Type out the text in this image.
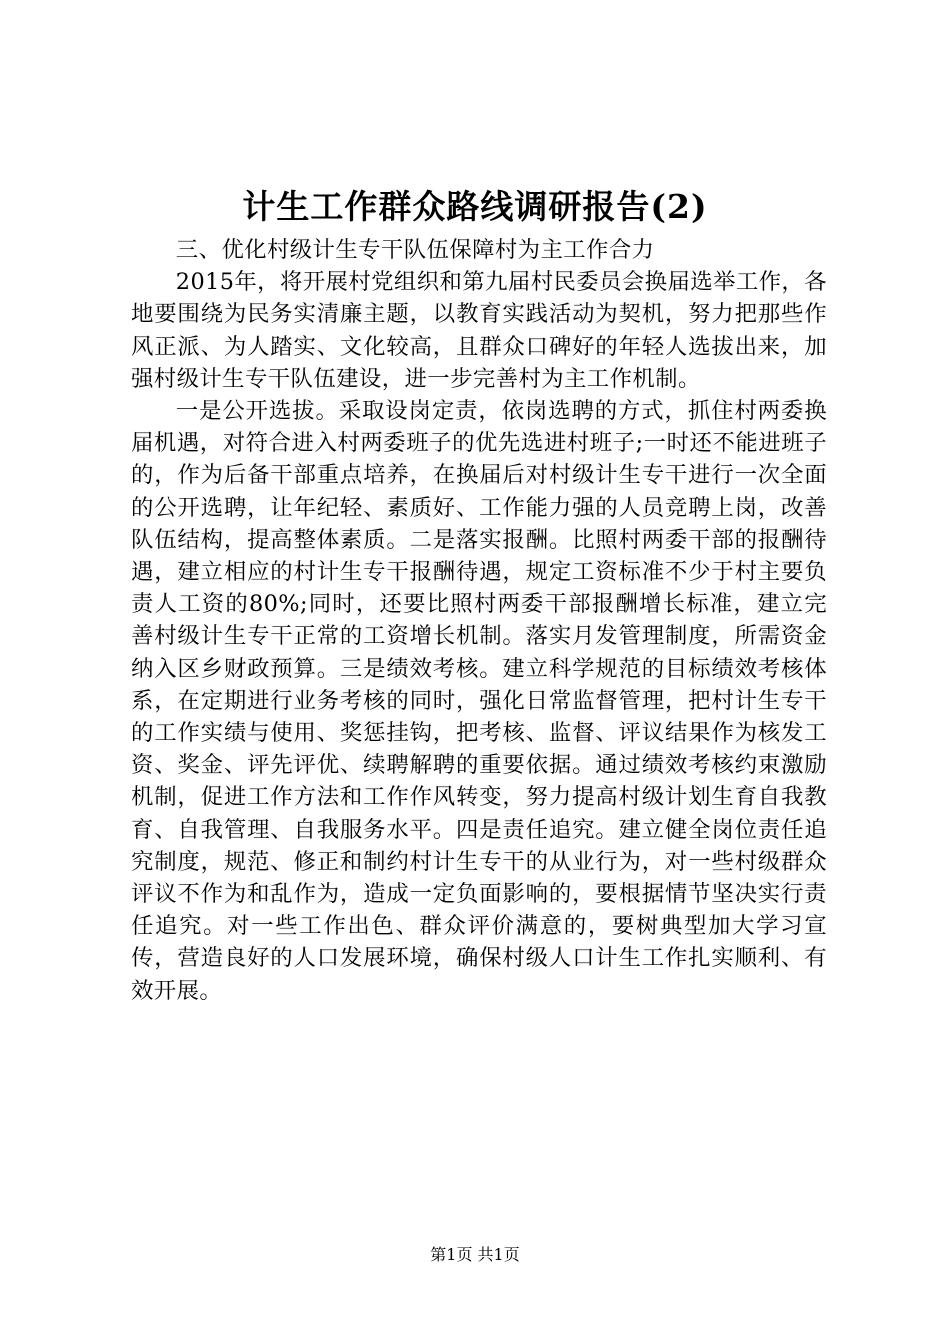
计生工作群众路线调研报告(2)

三、优化村级计生专干队伍保障村为主工作合力

2015年，将开展村党组织和第九届村民委员会换届选举工作，各地要围绕为民务实清廉主题，以教育实践活动为契机，努力把那些作风正派、为人踏实、文化较高，且群众口碑好的年轻人选拔出来，加强村级计生专干队伍建设，进一步完善村为主工作机制。

一是公开选拔。采取设岗定责，依岗选聘的方式，抓住村两委换届机遇，对符合进入村两委班子的优先选进村班子;一时还不能进班子的，作为后备干部重点培养，在换届后对村级计生专干进行一次全面的公开选聘，让年纪轻、素质好、工作能力强的人员竞聘上岗，改善队伍结构，提高整体素质。二是落实报酬。比照村两委干部的报酬待遇，建立相应的村计生专干报酬待遇，规定工资标准不少于村主要负责人工资的80%;同时，还要比照村两委干部报酬增长标准，建立完善村级计生专干正常的工资增长机制。落实月发管理制度，所需资金纳入区乡财政预算。三是绩效考核。建立科学规范的目标绩效考核体系，在定期进行业务考核的同时，强化日常监督管理，把村计生专干的工作实绩与使用、奖惩挂钩，把考核、监督、评议结果作为核发工资、奖金、评先评优、续聘解聘的重要依据。通过绩效考核约束激励机制，促进工作方法和工作作风转变，努力提高村级计划生育自我教育、自我管理、自我服务水平。四是责任追究。建立健全岗位责任追究制度，规范、修正和制约村计生专干的从业行为，对一些村级群众评议不作为和乱作为，造成一定负面影响的，要根据情节坚决实行责任追究。对一些工作出色、群众评价满意的，要树典型加大学习宣传，营造良好的人口发展环境，确保村级人口计生工作扎实顺利、有效开展。

第1页 共1页
